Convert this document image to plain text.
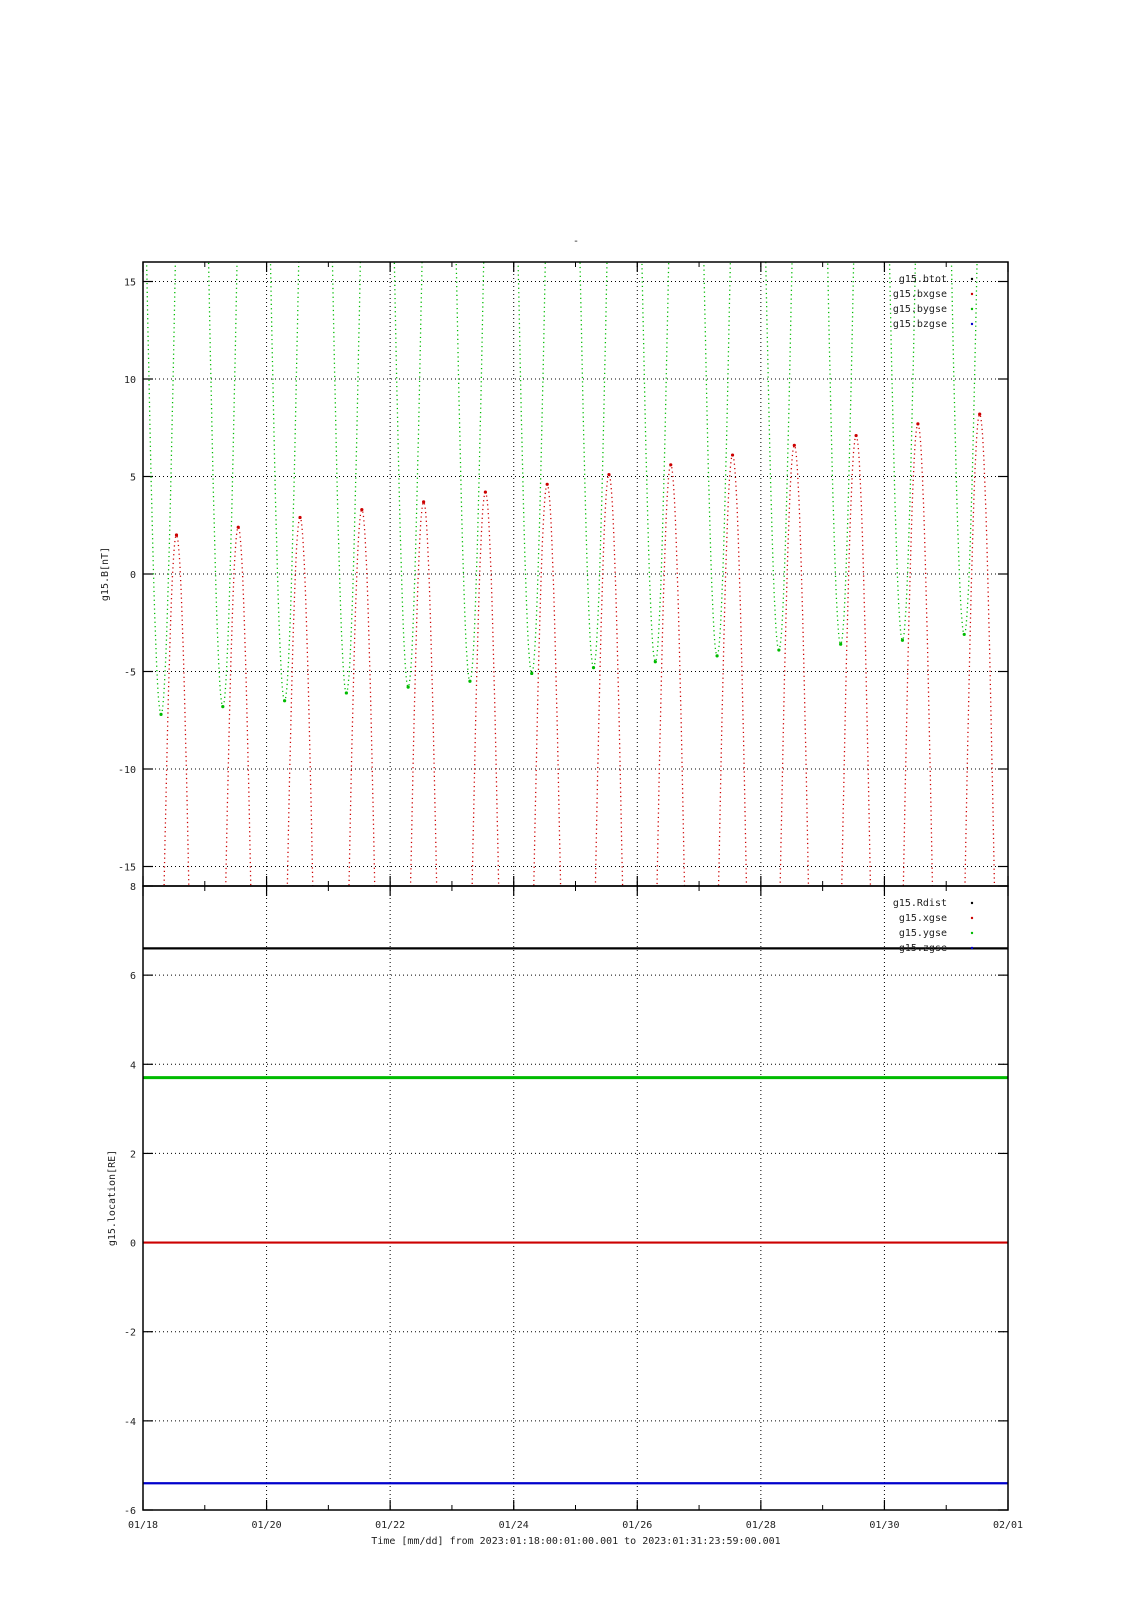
-
15
10
5
0
-5
-10
-15
g15.B[nT]
g15.btot
g15.bxgse
g15.bygse
g15.bzgse
8
6
4
2
0
-2
-4
-6
g15.location[RE]
g15.Rdist
g15.xgse
g15.ygse
g15.zgse
01/18	01/20	01/22	01/24	01/26	01/28	01/30	02/01
Time [mm/dd] from 2023:01:18:00:01:00.001 to 2023:01:31:23:59:00.001
